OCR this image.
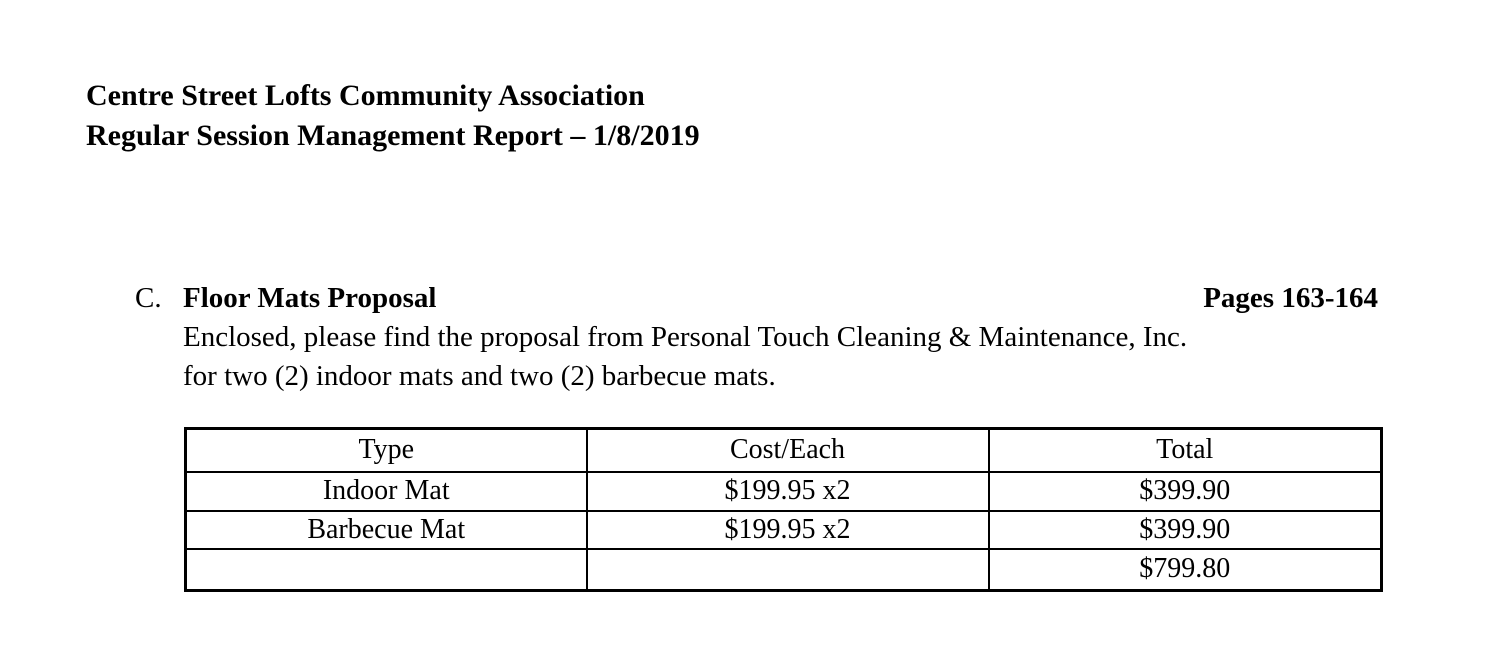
Centre Street Lofts Community Association
Regular Session Management Report – 1/8/2019
C. Floor Mats Proposal	Pages 163-164
Enclosed, please find the proposal from Personal Touch Cleaning & Maintenance, Inc.
for two (2) indoor mats and two (2) barbecue mats.
Type	Cost/Each	Total
Indoor Mat	$199.95 x2	$399.90
Barbecue Mat	$199.95 x2	$399.90
		$799.80
